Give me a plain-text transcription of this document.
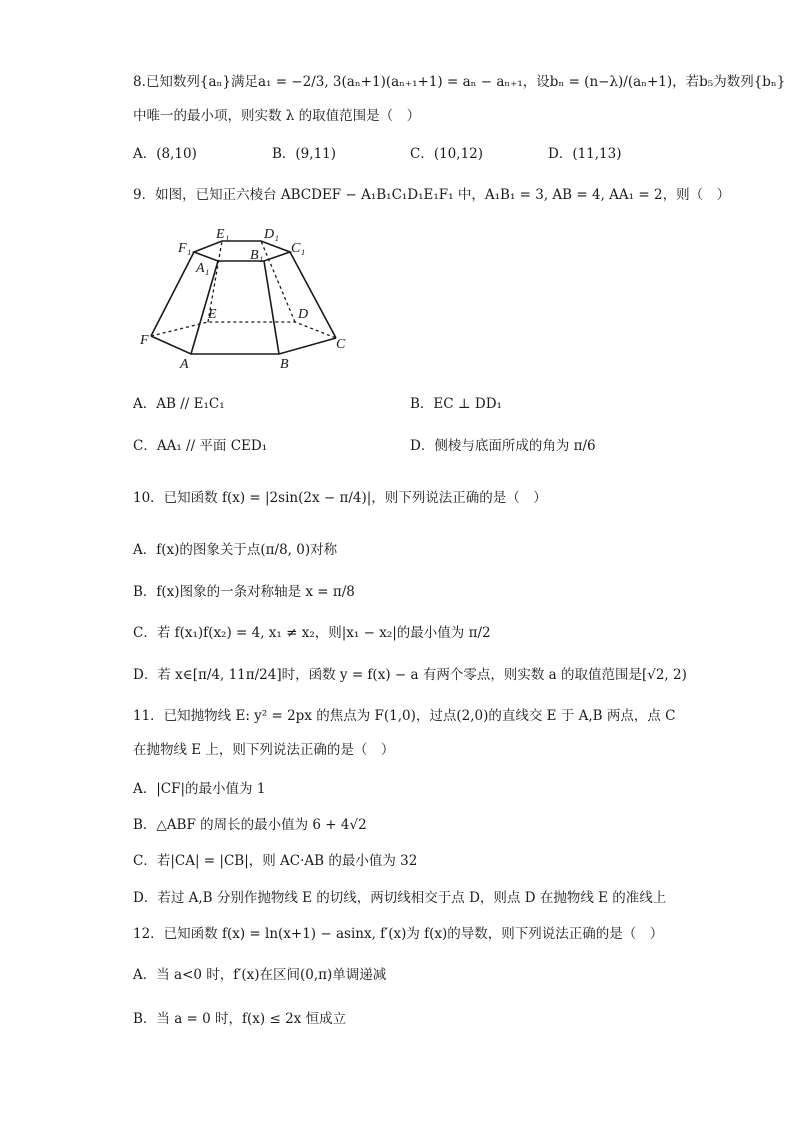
8.已知数列{aₙ}满足a₁ = −2/3, 3(aₙ+1)(aₙ₊₁+1) = aₙ − aₙ₊₁，设bₙ = (n−λ)/(aₙ+1)，若b₅为数列{bₙ}
中唯一的最小项，则实数 λ 的取值范围是（　）
A．(8,10)	B．(9,11)	C．(10,12)	D．(11,13)
9．如图，已知正六棱台 ABCDEF − A₁B₁C₁D₁E₁F₁ 中，A₁B₁ = 3, AB = 4, AA₁ = 2，则（　）
F₁
E₁ D₁
C₁
A₁
B₁
F
E	D
C
A	B
A．AB // E₁C₁	B．EC ⊥ DD₁
C．AA₁ // 平面 CED₁	D．侧棱与底面所成的角为 π/6
10．已知函数 f(x) = |2sin(2x − π/4)|，则下列说法正确的是（　）
A．f(x)的图象关于点(π/8, 0)对称
B．f(x)图象的一条对称轴是 x = π/8
C．若 f(x₁)f(x₂) = 4, x₁ ≠ x₂，则|x₁ − x₂|的最小值为 π/2
D．若 x∈[π/4, 11π/24]时，函数 y = f(x) − a 有两个零点，则实数 a 的取值范围是[√2, 2)
11．已知抛物线 E: y² = 2px 的焦点为 F(1,0)，过点(2,0)的直线交 E 于 A,B 两点，点 C
在抛物线 E 上，则下列说法正确的是（　）
A．|CF|的最小值为 1
B．△ABF 的周长的最小值为 6 + 4√2
C．若|CA| = |CB|，则 AC·AB 的最小值为 32
D．若过 A,B 分别作抛物线 E 的切线，两切线相交于点 D，则点 D 在抛物线 E 的准线上
12．已知函数 f(x) = ln(x+1) − asinx, f′(x)为 f(x)的导数，则下列说法正确的是（　）
A．当 a<0 时，f′(x)在区间(0,π)单调递减
B．当 a = 0 时，f(x) ≤ 2x 恒成立
